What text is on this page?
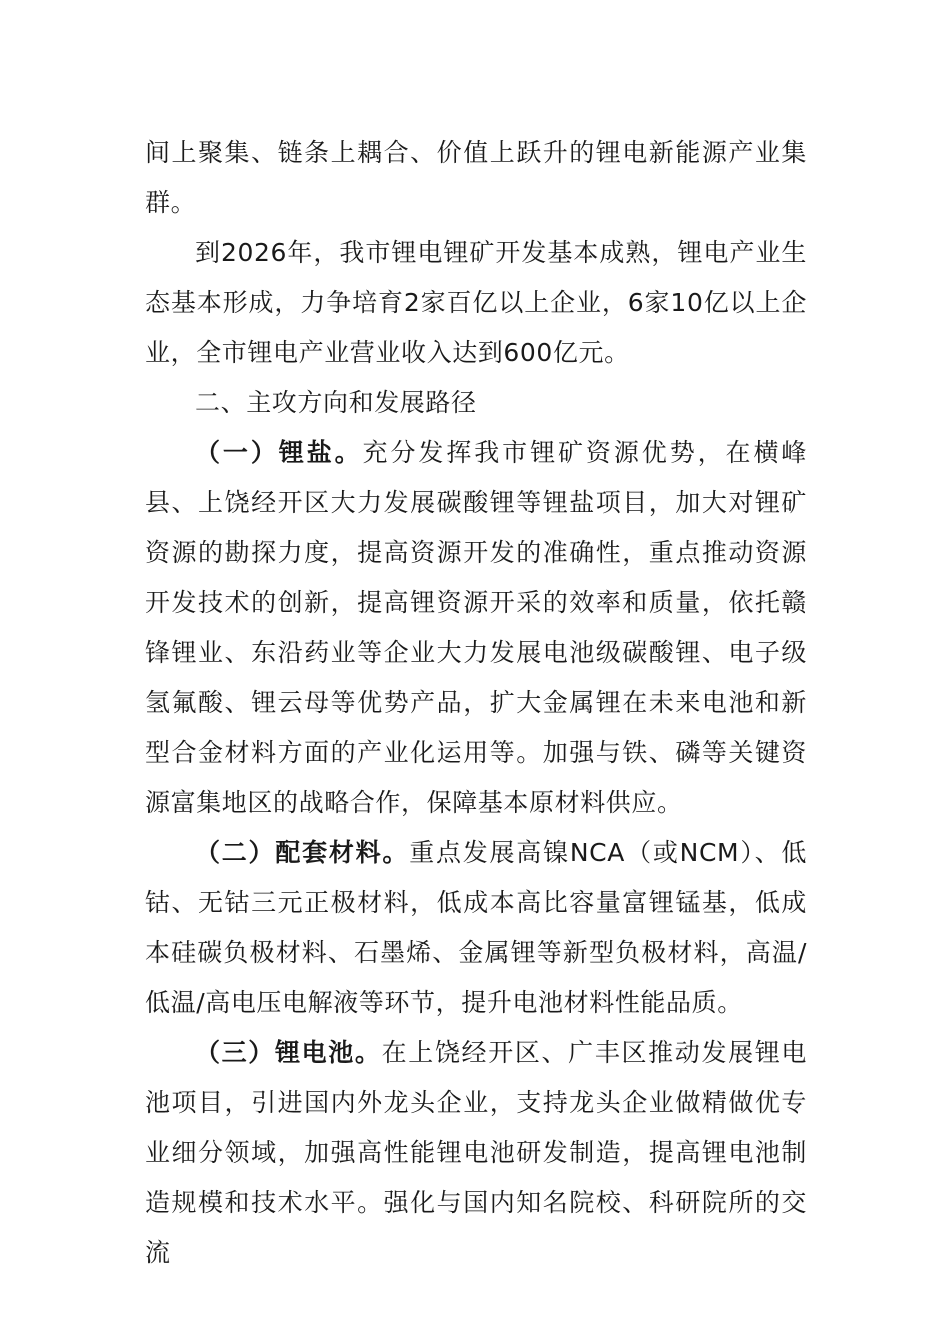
间上聚集、链条上耦合、价值上跃升的锂电新能源产业集群。

到2026年，我市锂电锂矿开发基本成熟，锂电产业生态基本形成，力争培育2家百亿以上企业，6家10亿以上企业，全市锂电产业营业收入达到600亿元。

二、主攻方向和发展路径

（一）锂盐。充分发挥我市锂矿资源优势，在横峰县、上饶经开区大力发展碳酸锂等锂盐项目，加大对锂矿资源的勘探力度，提高资源开发的准确性，重点推动资源开发技术的创新，提高锂资源开采的效率和质量，依托赣锋锂业、东沿药业等企业大力发展电池级碳酸锂、电子级氢氟酸、锂云母等优势产品，扩大金属锂在未来电池和新型合金材料方面的产业化运用等。加强与铁、磷等关键资源富集地区的战略合作，保障基本原材料供应。

（二）配套材料。重点发展高镍NCA（或NCM）、低钴、无钴三元正极材料，低成本高比容量富锂锰基，低成本硅碳负极材料、石墨烯、金属锂等新型负极材料，高温/低温/高电压电解液等环节，提升电池材料性能品质。

（三）锂电池。在上饶经开区、广丰区推动发展锂电池项目，引进国内外龙头企业，支持龙头企业做精做优专业细分领域，加强高性能锂电池研发制造，提高锂电池制造规模和技术水平。强化与国内知名院校、科研院所的交流
